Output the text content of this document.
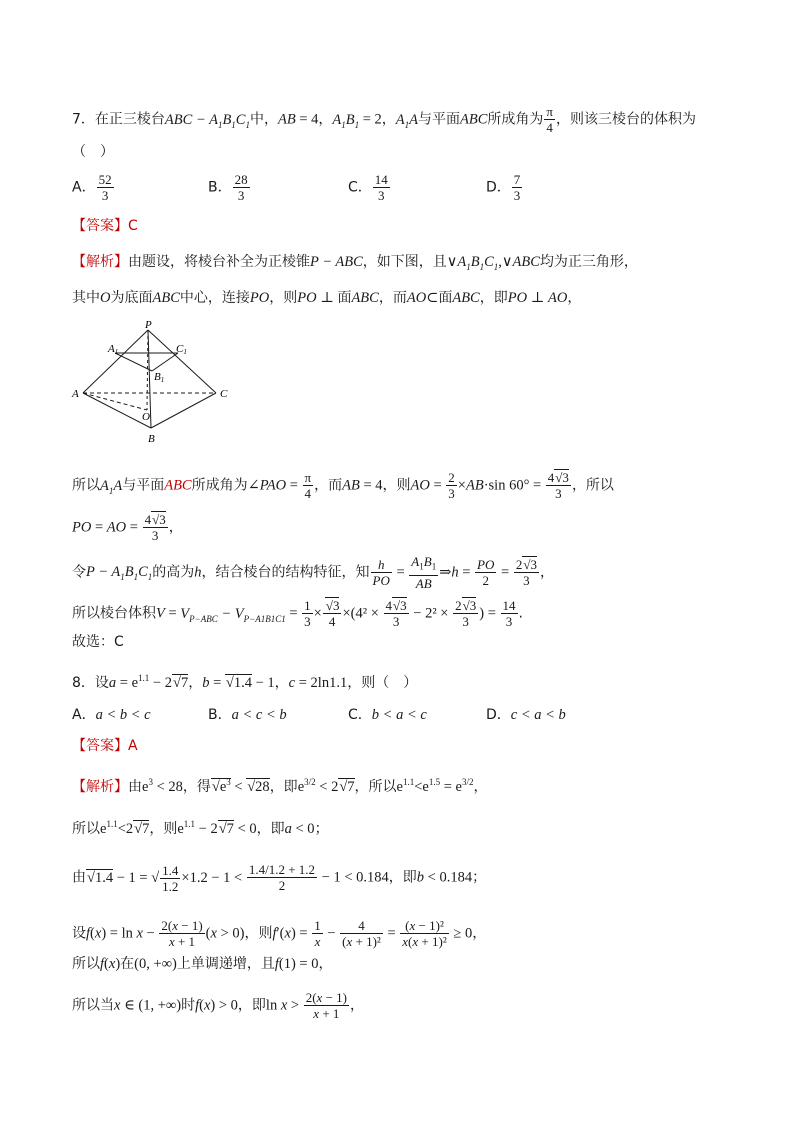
7．在正三棱台ABC − $A_1B_1C_1$中，AB = 4，$A_1B_1 = 2$，$A_1A$与平面ABC所成角为 $\frac{\pi}{4}$ ，则该三棱台的体积为
（　）
A． $\frac{52}{3}$	B． $\frac{28}{3}$	C． $\frac{14}{3}$	D． $\frac{7}{3}$
【答案】C
【解析】由题设，将棱台补全为正棱锥P − ABC，如下图，且$\vee A_1B_1C_1,\vee ABC$均为正三角形，
其中O为底面ABC中心，连接PO，则PO ⊥ 面ABC，而AO⊂面ABC，即PO ⊥ AO，
P
A1	C1
B1
A	C
O
B
所以$A_1A$与平面ABC所成角为∠PAO = $\frac{\pi}{4}$ ，而AB = 4，则AO = $\frac{2}{3} \times AB\cdot\sin$ $60^\circ = \frac{4√3}{3}$ ，所以
PO = AO = $\frac{4√3}{3}$ ，
令$P - A_1B_1C_1$的高为h，结合棱台的结构特征，知 $\frac{h}{PO} = \frac{A_1B_1}{AB}$ ⇒h = $\frac{PO}{2} = \frac{2√3}{3}$ ，
所以棱台体积$V = V_{P-ABC} - V_{P-A1B1C1} = \frac{1}{3} \times \frac{√3}{4} \times(4^2 \times \frac{4√3}{3} - 2^2 \times \frac{2√3}{3}$ ) = $\frac{14}{3}$ .
故选：C
8．设$a = e^{1.1} - 2√7$，b = √1.4 − 1，c = 2ln1.1，则（　）
A．a < b < c	B．a < c < b	C．b < a < c	D．c < a < b
【答案】A
【解析】由$e^3 < 28$，得$√e^3 < √28$，即$e^{3/2} < 2√7$，所以$e^{1.1}<e^{1.5} = e^{3/2}$，
所以$e^{1.1}<2√7$，则$e^{1.1} - 2√7 < 0$，即a < 0；
由√1.4 − 1 = √ $\frac{1.4}{1.2} \times 1.2 - 1 < \frac{1.4/1.2 + 1.2}{2} - 1 < 0.184$，即b < 0.184；
设$f(x) = \ln x - \frac{2(x - 1)}{x + 1} (x > 0)$，则$f'(x) = \frac{1}{x} - \frac{4}{\text{(x + 1)²}} = \frac{\text{(x − 1)²}}{\text{x(x + 1)²}} \ge 0$，
所以f(x)在(0, +∞)上单调递增，且f(1) = 0，
所以当x ∈ (1, +∞)时f(x) > 0，即$\ln x > \frac{2(x - 1)}{x + 1}$ ，
